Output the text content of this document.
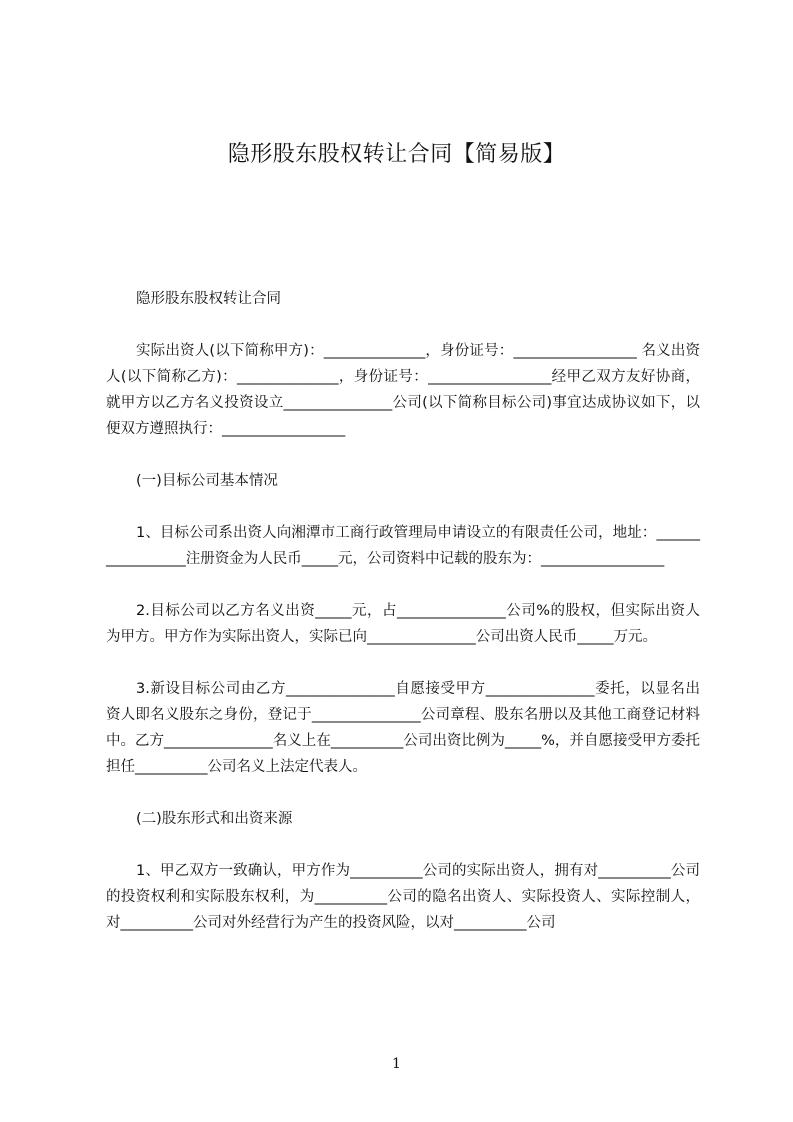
隐形股东股权转让合同【简易版】

隐形股东股权转让合同

实际出资人(以下简称甲方)：______________，身份证号：_________________ 名义出资人(以下简称乙方)：______________，身份证号：_________________经甲乙双方友好协商，就甲方以乙方名义投资设立_______________公司(以下简称目标公司)事宜达成协议如下，以便双方遵照执行：_________________

(一)目标公司基本情况

1、目标公司系出资人向湘潭市工商行政管理局申请设立的有限责任公司，地址：_________________注册资金为人民币_____元，公司资料中记载的股东为：_________________

2.目标公司以乙方名义出资_____元，占_______________公司%的股权，但实际出资人为甲方。甲方作为实际出资人，实际已向_______________公司出资人民币_____万元。

3.新设目标公司由乙方_______________自愿接受甲方_______________委托，以显名出资人即名义股东之身份，登记于_______________公司章程、股东名册以及其他工商登记材料中。乙方_______________名义上在__________公司出资比例为_____%，并自愿接受甲方委托担任__________公司名义上法定代表人。

(二)股东形式和出资来源

1、甲乙双方一致确认，甲方作为__________公司的实际出资人，拥有对__________公司的投资权利和实际股东权利，为__________公司的隐名出资人、实际投资人、实际控制人，对__________公司对外经营行为产生的投资风险，以对__________公司

1
